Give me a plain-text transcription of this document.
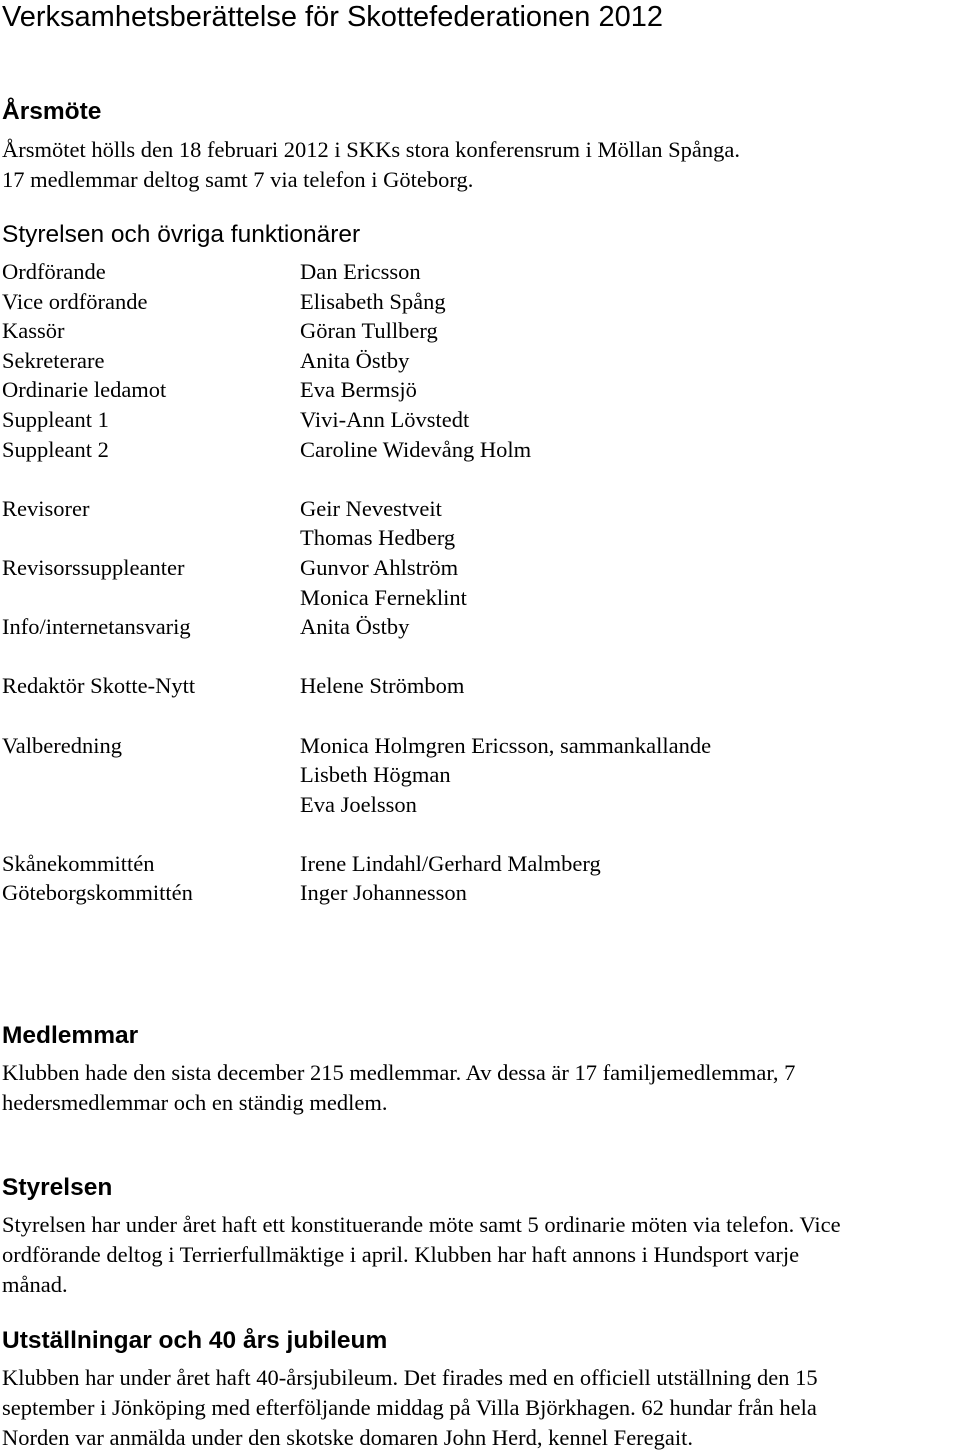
Verksamhetsberättelse för Skottefederationen 2012
Årsmöte
Årsmötet hölls den 18 februari 2012 i SKKs stora konferensrum i Möllan Spånga.
17 medlemmar deltog samt 7 via telefon i Göteborg.
Styrelsen och övriga funktionärer
Ordförande	Dan Ericsson
Vice ordförande	Elisabeth Spång
Kassör	Göran Tullberg
Sekreterare	Anita Östby
Ordinarie ledamot	Eva Bermsjö
Suppleant 1	Vivi-Ann Lövstedt
Suppleant 2	Caroline Widevång Holm
Revisorer	Geir Nevestveit
Thomas Hedberg
Revisorssuppleanter	Gunvor Ahlström
Monica Ferneklint
Info/internetansvarig	Anita Östby
Redaktör Skotte-Nytt	Helene Strömbom
Valberedning	Monica Holmgren Ericsson, sammankallande
Lisbeth Högman
Eva Joelsson
Skånekommittén	Irene Lindahl/Gerhard Malmberg
Göteborgskommittén	Inger Johannesson
Medlemmar
Klubben hade den sista december 215 medlemmar. Av dessa är 17 familjemedlemmar, 7
hedersmedlemmar och en ständig medlem.
Styrelsen
Styrelsen har under året haft ett konstituerande möte samt 5 ordinarie möten via telefon. Vice
ordförande deltog i Terrierfullmäktige i april. Klubben har haft annons i Hundsport varje
månad.
Utställningar och 40 års jubileum
Klubben har under året haft 40-årsjubileum. Det firades med en officiell utställning den 15
september i Jönköping med efterföljande middag på Villa Björkhagen. 62 hundar från hela
Norden var anmälda under den skotske domaren John Herd, kennel Feregait.
